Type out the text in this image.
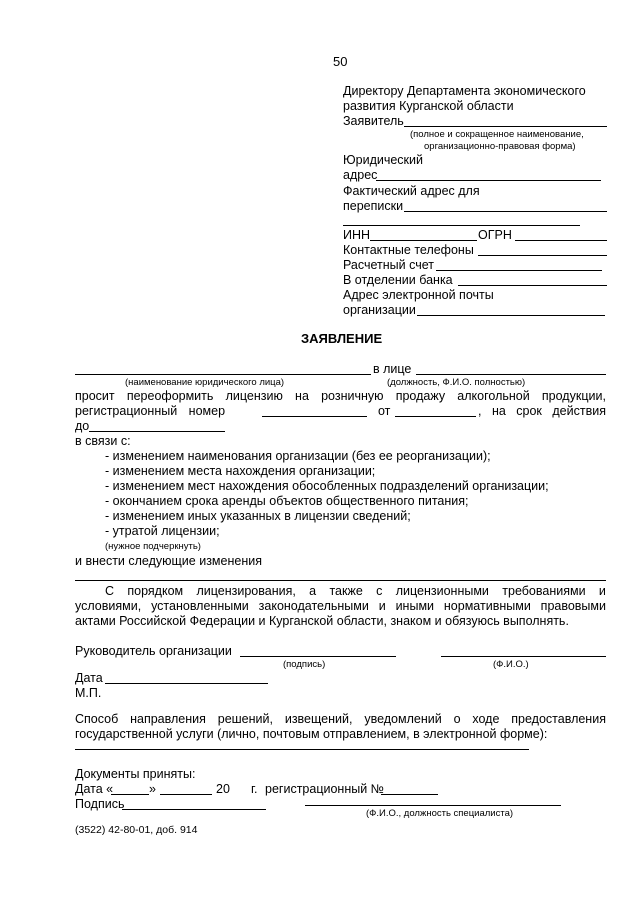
50
Директору Департамента экономического
развития Курганской области
Заявитель
(полное и сокращенное наименование,
организационно-правовая форма)
Юридический
адрес
Фактический адрес для
переписки
ИНН	ОГРН
Контактные телефоны
Расчетный счет
В отделении банка
Адрес электронной почты
организации
ЗАЯВЛЕНИЕ
в лице
(наименование юридического лица)	(должность, Ф.И.О. полностью)
просит переоформить лицензию на розничную продажу алкогольной продукции,
регистрационный номер	от	, на срок действия
до
в связи с:
- изменением наименования организации (без ее реорганизации);
- изменением места нахождения организации;
- изменением мест нахождения обособленных подразделений организации;
- окончанием срока аренды объектов общественного питания;
- изменением иных указанных в лицензии сведений;
- утратой лицензии;
(нужное подчеркнуть)
и внести следующие изменения
С порядком лицензирования, а также с лицензионными требованиями и
условиями, установленными законодательными и иными нормативными правовыми
актами Российской Федерации и Курганской области, знаком и обязуюсь выполнять.
Руководитель организации
(подпись)	(Ф.И.О.)
Дата
М.П.
Способ направления решений, извещений, уведомлений о ходе предоставления
государственной услуги (лично, почтовым отправлением, в электронной форме):
Документы приняты:
Дата «	»	20 г. регистрационный №
Подпись
(Ф.И.О., должность специалиста)
(3522) 42-80-01, доб. 914
